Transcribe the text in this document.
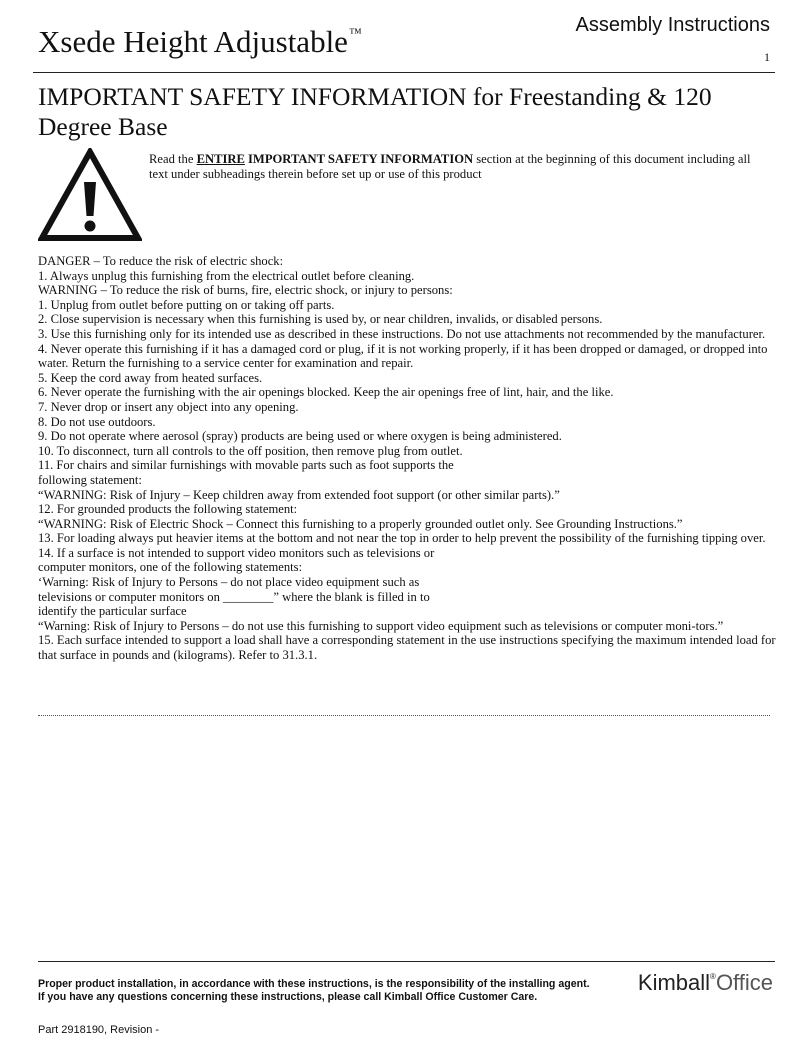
Xsede Height Adjustable™	Assembly Instructions
1
IMPORTANT SAFETY INFORMATION for Freestanding & 120 Degree Base
Read the ENTIRE IMPORTANT SAFETY INFORMATION section at the beginning of this document including all text under subheadings therein before set up or use of this product
DANGER – To reduce the risk of electric shock:
1. Always unplug this furnishing from the electrical outlet before cleaning.
WARNING – To reduce the risk of burns, fire, electric shock, or injury to persons:
1. Unplug from outlet before putting on or taking off parts.
2. Close supervision is necessary when this furnishing is used by, or near children, invalids, or disabled persons.
3. Use this furnishing only for its intended use as described in these instructions. Do not use attachments not recommended by the manufacturer.
4. Never operate this furnishing if it has a damaged cord or plug, if it is not working properly, if it has been dropped or damaged, or dropped into water. Return the furnishing to a service center for examination and repair.
5. Keep the cord away from heated surfaces.
6. Never operate the furnishing with the air openings blocked. Keep the air openings free of lint, hair, and the like.
7. Never drop or insert any object into any opening.
8. Do not use outdoors.
9. Do not operate where aerosol (spray) products are being used or where oxygen is being administered.
10. To disconnect, turn all controls to the off position, then remove plug from outlet.
11. For chairs and similar furnishings with movable parts such as foot supports the
following statement:
“WARNING: Risk of Injury – Keep children away from extended foot support (or other similar parts).”
12. For grounded products the following statement:
“WARNING: Risk of Electric Shock – Connect this furnishing to a properly grounded outlet only. See Grounding Instructions.”
13. For loading always put heavier items at the bottom and not near the top in order to help prevent the possibility of the furnishing tipping over.
14. If a surface is not intended to support video monitors such as televisions or
computer monitors, one of the following statements:
‘Warning: Risk of Injury to Persons – do not place video equipment such as
televisions or computer monitors on ________” where the blank is filled in to
identify the particular surface
“Warning: Risk of Injury to Persons – do not use this furnishing to support video equipment such as televisions or computer moni-tors.”
15. Each surface intended to support a load shall have a corresponding statement in the use instructions specifying the maximum intended load for that surface in pounds and (kilograms). Refer to 31.3.1.
Proper product installation, in accordance with these instructions, is the responsibility of the installing agent.
If you have any questions concerning these instructions, please call Kimball Office Customer Care.
Kimball®Office
Part 2918190, Revision -
